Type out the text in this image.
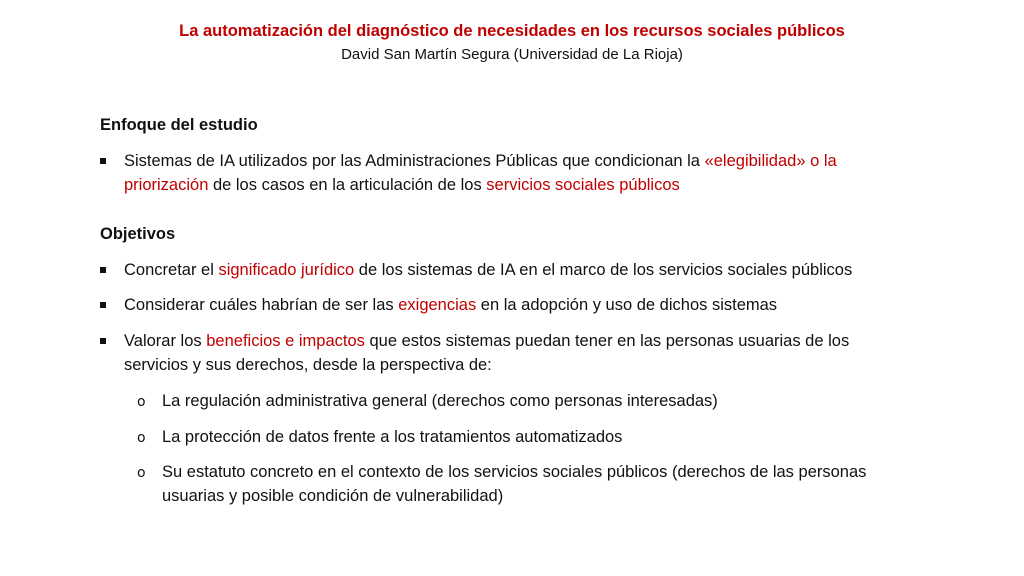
La automatización del diagnóstico de necesidades en los recursos sociales públicos
David San Martín Segura (Universidad de La Rioja)
Enfoque del estudio
Sistemas de IA utilizados por las Administraciones Públicas que condicionan la «elegibilidad» o la priorización de los casos en la articulación de los servicios sociales públicos
Objetivos
Concretar el significado jurídico de los sistemas de IA en el marco de los servicios sociales públicos
Considerar cuáles habrían de ser las exigencias en la adopción y uso de dichos sistemas
Valorar los beneficios e impactos que estos sistemas puedan tener en las personas usuarias de los servicios y sus derechos, desde la perspectiva de:
o La regulación administrativa general (derechos como personas interesadas)
o La protección de datos frente a los tratamientos automatizados
o Su estatuto concreto en el contexto de los servicios sociales públicos (derechos de las personas usuarias y posible condición de vulnerabilidad)
